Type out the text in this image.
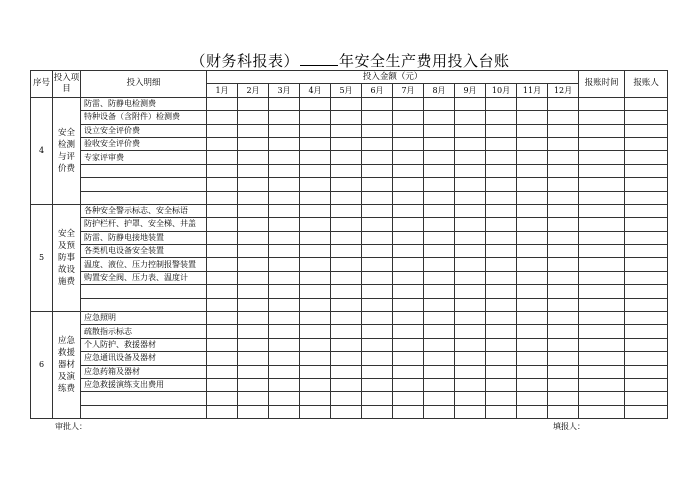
（财务科报表）	年安全生产费用投入台账
序号	投入项目	投入明细	投入金额（元）												报账时间	报账人
			1月	2月	3月	4月	5月	6月	7月	8月	9月	10月	11月	12月		
4	安全检测与评价费	防雷、防静电检测费														
		特种设备（含附件）检测费														
		设立安全评价费														
		验收安全评价费														
		专家评审费														

5	安全及预防事故设施费	各种安全警示标志、安全标语														
		防护栏杆、护罩、安全梯、井盖														
		防雷、防静电接地装置														
		各类机电设备安全装置														
		温度、液位、压力控制报警装置														
		购置安全阀、压力表、温度计														

6	应急救援器材及演练费	应急照明														
		疏散指示标志														
		个人防护、救援器材														
		应急通讯设备及器材														
		应急药箱及器材														
		应急救援演练支出费用														

审批人：	填报人：
